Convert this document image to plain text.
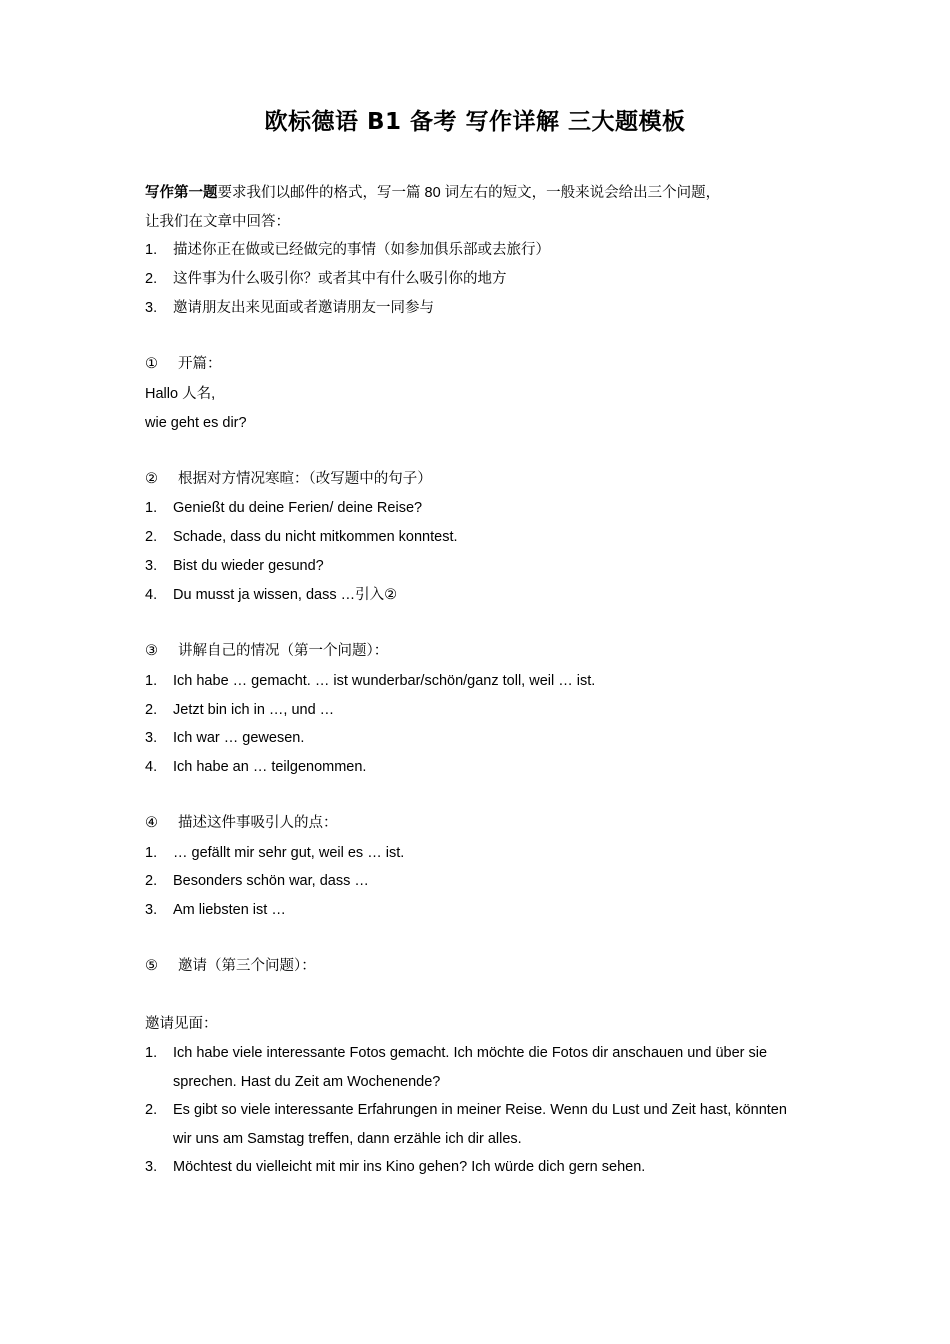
欧标德语 B1 备考 写作详解 三大题模板
写作第一题要求我们以邮件的格式，写一篇 80 词左右的短文，一般来说会给出三个问题，
让我们在文章中回答：
1.	描述你正在做或已经做完的事情（如参加俱乐部或去旅行）
2.	这件事为什么吸引你？或者其中有什么吸引你的地方
3.	邀请朋友出来见面或者邀请朋友一同参与
① 开篇：
Hallo 人名,
wie geht es dir?
② 根据对方情况寒暄：（改写题中的句子）
1.	Genießt du deine Ferien/ deine Reise?
2.	Schade, dass du nicht mitkommen konntest.
3.	Bist du wieder gesund?
4.	Du musst ja wissen, dass …引入②
③ 讲解自己的情况（第一个问题）：
1.	Ich habe … gemacht. … ist wunderbar/schön/ganz toll, weil … ist.
2.	Jetzt bin ich in …, und …
3.	Ich war … gewesen.
4.	Ich habe an … teilgenommen.
④ 描述这件事吸引人的点：
1.	… gefällt mir sehr gut, weil es … ist.
2.	Besonders schön war, dass …
3.	Am liebsten ist …
⑤ 邀请（第三个问题）：
邀请见面：
1.	Ich habe viele interessante Fotos gemacht. Ich möchte die Fotos dir anschauen und über sie
sprechen. Hast du Zeit am Wochenende?
2.	Es gibt so viele interessante Erfahrungen in meiner Reise. Wenn du Lust und Zeit hast, könnten
wir uns am Samstag treffen, dann erzähle ich dir alles.
3.	Möchtest du vielleicht mit mir ins Kino gehen? Ich würde dich gern sehen.
